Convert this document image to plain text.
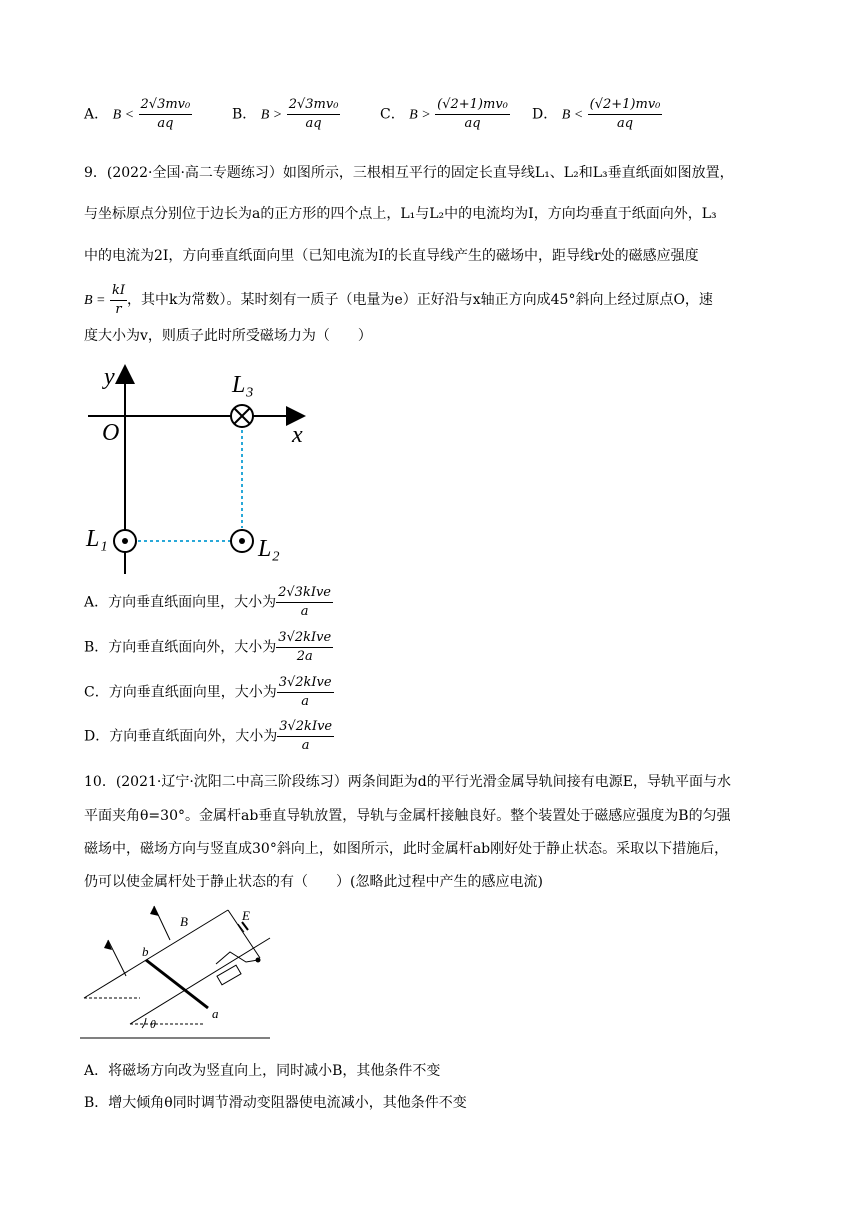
A． $B < \frac{\text{2√3mv₀}}{aq}$	B． $B > \frac{\text{2√3mv₀}}{aq}$	C． $B > \frac{\text{(√2+1)mv₀}}{aq}$ D． $B < \frac{\text{(√2+1)mv₀}}{aq}$
9．(2022·全国·高二专题练习）如图所示，三根相互平行的固定长直导线L₁、L₂和L₃垂直纸面如图放置，
与坐标原点分别位于边长为a的正方形的四个点上，L₁与L₂中的电流均为I，方向均垂直于纸面向外，L₃
中的电流为2I，方向垂直纸面向里（已知电流为I的长直导线产生的磁场中，距导线r处的磁感应强度
$B = \frac{kI}{r}$ ，其中k为常数）。某时刻有一质子（电量为e）正好沿与x轴正方向成45°斜向上经过原点O，速
度大小为v，则质子此时所受磁场力为（　　）
y
x
O
L₃
L₁	L₂
A．方向垂直纸面向里，大小为 $\frac{\text{2√3kIve}}{a}$
B．方向垂直纸面向外，大小为 $\frac{\text{3√2kIve}}{2a}$
C．方向垂直纸面向里，大小为 $\frac{\text{3√2kIve}}{a}$
D．方向垂直纸面向外，大小为 $\frac{\text{3√2kIve}}{a}$
10．(2021·辽宁·沈阳二中高三阶段练习）两条间距为d的平行光滑金属导轨间接有电源E，导轨平面与水
平面夹角θ=30°。金属杆ab垂直导轨放置，导轨与金属杆接触良好。整个装置处于磁感应强度为B的匀强
磁场中，磁场方向与竖直成30°斜向上，如图所示，此时金属杆ab刚好处于静止状态。采取以下措施后，
仍可以使金属杆处于静止状态的有（　　）(忽略此过程中产生的感应电流)
B	E
b
a
θ
A．将磁场方向改为竖直向上，同时减小B，其他条件不变
B．增大倾角θ同时调节滑动变阻器使电流减小，其他条件不变
